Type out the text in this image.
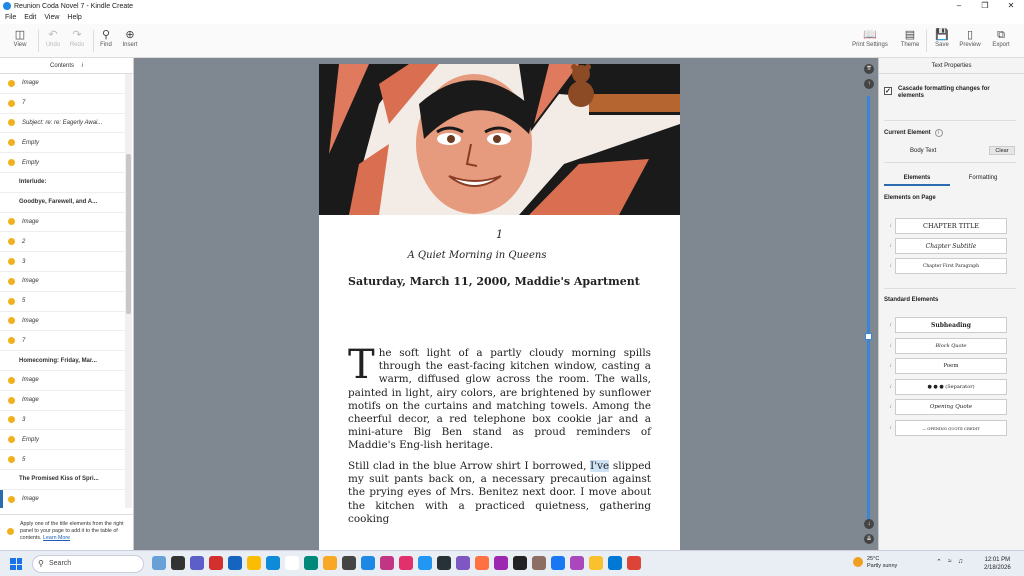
Reunion Coda Novel 7 - Kindle Create	–	❐	✕
File Edit View Help
◫
View
↶
Undo
↷
Redo
⚲
Find
⊕
Insert
📖
Print Settings
▤
Theme
💾
Save
▯
Preview
⧉
Export
Contents i
Image
7
Subject: re: re: Eagerly Awai...
Empty
Empty
Interlude:
Goodbye, Farewell, and A...
Image
2
3
Image
5
Image
7
Homecoming: Friday, Mar...
Image
Image
3
Empty
5
The Promised Kiss of Spri...
Image
Apply one of the title elements from the right panel to your page to add it to the table of contents. Learn More
1
A Quiet Morning in Queens
Saturday, March 11, 2000, Maddie's Apartment
The soft light of a partly cloudy morning spills through the east-facing kitchen window, casting a warm, diffused glow across the room. The walls, painted in light, airy colors, are brightened by sunflower motifs on the curtains and matching towels. Among the cheerful decor, a red telephone box cookie jar and a mini-ature Big Ben stand as proud reminders of Maddie's Eng-lish heritage.
Still clad in the blue Arrow shirt I borrowed, I've slipped my suit pants back on, a necessary precaution against the prying eyes of Mrs. Benitez next door. I move about the kitchen with a practiced quietness, gathering cooking
⇈
↑
↓
⇊
Text Properties
✓ Cascade formatting changes for elements
Current Element i
Body Text	Clear
Elements	Formatting
Elements on Page
i	CHAPTER TITLE
i	Chapter Subtitle
i	Chapter First Paragraph
Standard Elements
i	Subheading
i	Block Quote
i	Poem
i	● ● ● (Separator)
i	Opening Quote
i	— OPENING QUOTE CREDIT
⚲ Search
25°C
Partly sunny	⌃ ≈ ♫	12:01 PM
2/18/2026
